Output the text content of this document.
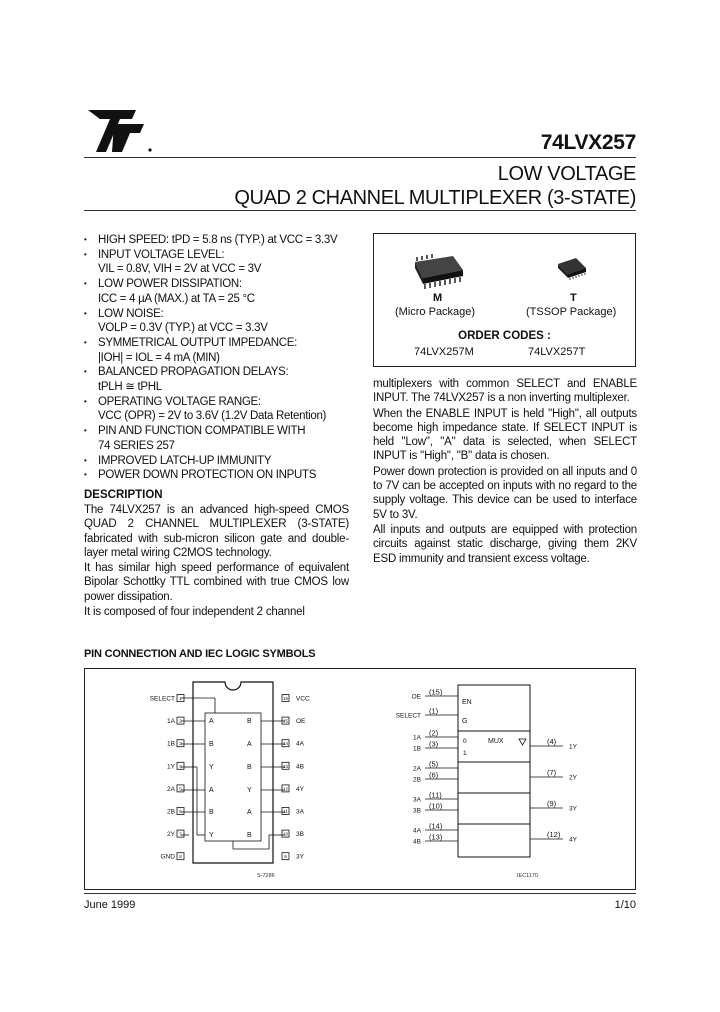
74LVX257
LOW VOLTAGE
QUAD 2 CHANNEL MULTIPLEXER (3-STATE)
• HIGH SPEED: tPD = 5.8 ns (TYP.) at VCC = 3.3V
• INPUT VOLTAGE LEVEL:
VIL = 0.8V, VIH = 2V at VCC = 3V
• LOW POWER DISSIPATION:
ICC = 4 µA (MAX.) at TA = 25 °C
• LOW NOISE:
VOLP = 0.3V (TYP.) at VCC = 3.3V
• SYMMETRICAL OUTPUT IMPEDANCE:
|IOH| = IOL = 4 mA (MIN)
• BALANCED PROPAGATION DELAYS:
tPLH ≅ tPHL
• OPERATING VOLTAGE RANGE:
VCC (OPR) = 2V to 3.6V (1.2V Data Retention)
• PIN AND FUNCTION COMPATIBLE WITH
74 SERIES 257
• IMPROVED LATCH-UP IMMUNITY
• POWER DOWN PROTECTION ON INPUTS
M
(Micro Package)
T
(TSSOP Package)
ORDER CODES :
74LVX257M	74LVX257T
DESCRIPTION

The 74LVX257 is an advanced high-speed CMOS QUAD 2 CHANNEL MULTIPLEXER (3-STATE) fabricated with sub-micron silicon gate and double-layer metal wiring C2MOS technology.

It has similar high speed performance of equivalent Bipolar Schottky TTL combined with true CMOS low power dissipation.

It is composed of four independent 2 channel

multiplexers with common SELECT and ENABLE INPUT. The 74LVX257 is a non inverting multiplexer.

When the ENABLE INPUT is held "High", all outputs become high impedance state. If SELECT INPUT is held "Low", "A" data is selected, when SELECT INPUT is "High", "B" data is chosen.

Power down protection is provided on all inputs and 0 to 7V can be accepted on inputs with no regard to the supply voltage. This device can be used to interface 5V to 3V.

All inputs and outputs are equipped with protection circuits against static discharge, giving them 2KV ESD immunity and transient excess voltage.

PIN CONNECTION AND IEC LOGIC SYMBOLS
SELECT 1
1A 2
1B 3
1Y 4
2A 5
2B 6
2Y 7
GND 8
16 VCC
15 OE
14 4A
13 4B
12 4Y
11 3A
10 3B
9 3Y
A	B
B	A
Y	B
A	Y
B	A
Y	B
S-7286
OE
(15)
SELECT
(1)
1A
(2)
1B
(3)
2A
(5)
2B
(6)
3A
(11)
3B
(10)
4A
(14)
4B
(13)
(4)
1Y
(7)
2Y
(9)
3Y
(12)
4Y
EN
G
MUX
0
1
IEC1170
June 1999	1/10
